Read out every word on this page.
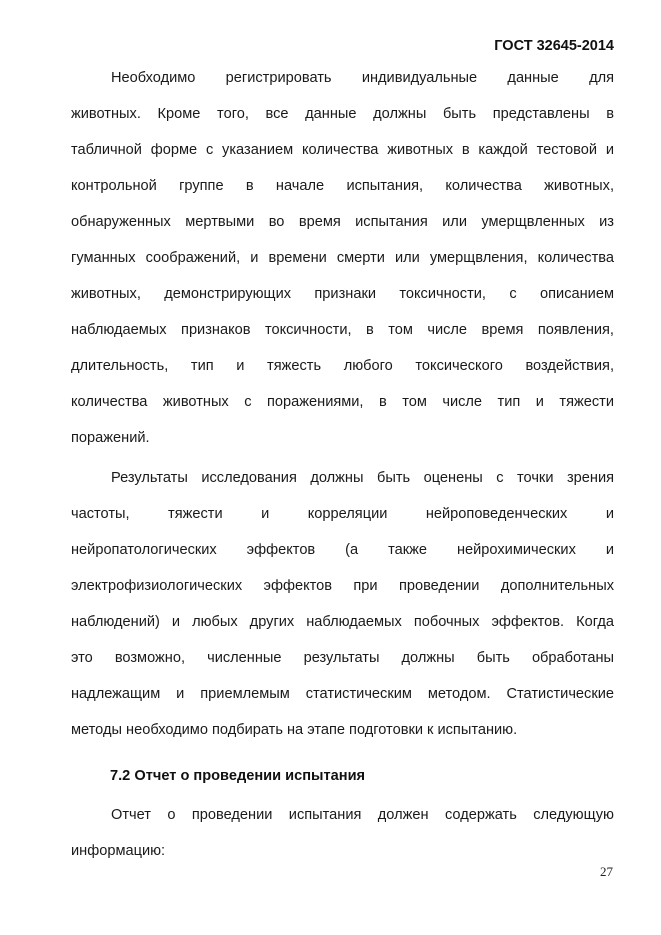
ГОСТ 32645-2014
Необходимо регистрировать индивидуальные данные для
животных. Кроме того, все данные должны быть представлены в
табличной форме с указанием количества животных в каждой тестовой и
контрольной группе в начале испытания, количества животных,
обнаруженных мертвыми во время испытания или умерщвленных из
гуманных соображений, и времени смерти или умерщвления, количества
животных, демонстрирующих признаки токсичности, с описанием
наблюдаемых признаков токсичности, в том числе время появления,
длительность, тип и тяжесть любого токсического воздействия,
количества животных с поражениями, в том числе тип и тяжести
поражений.
Результаты исследования должны быть оценены с точки зрения
частоты, тяжести и корреляции нейроповеденческих и
нейропатологических эффектов (а также нейрохимических и
электрофизиологических эффектов при проведении дополнительных
наблюдений) и любых других наблюдаемых побочных эффектов. Когда
это возможно, численные результаты должны быть обработаны
надлежащим и приемлемым статистическим методом. Статистические
методы необходимо подбирать на этапе подготовки к испытанию.
7.2 Отчет о проведении испытания
Отчет о проведении испытания должен содержать следующую
информацию:
27
